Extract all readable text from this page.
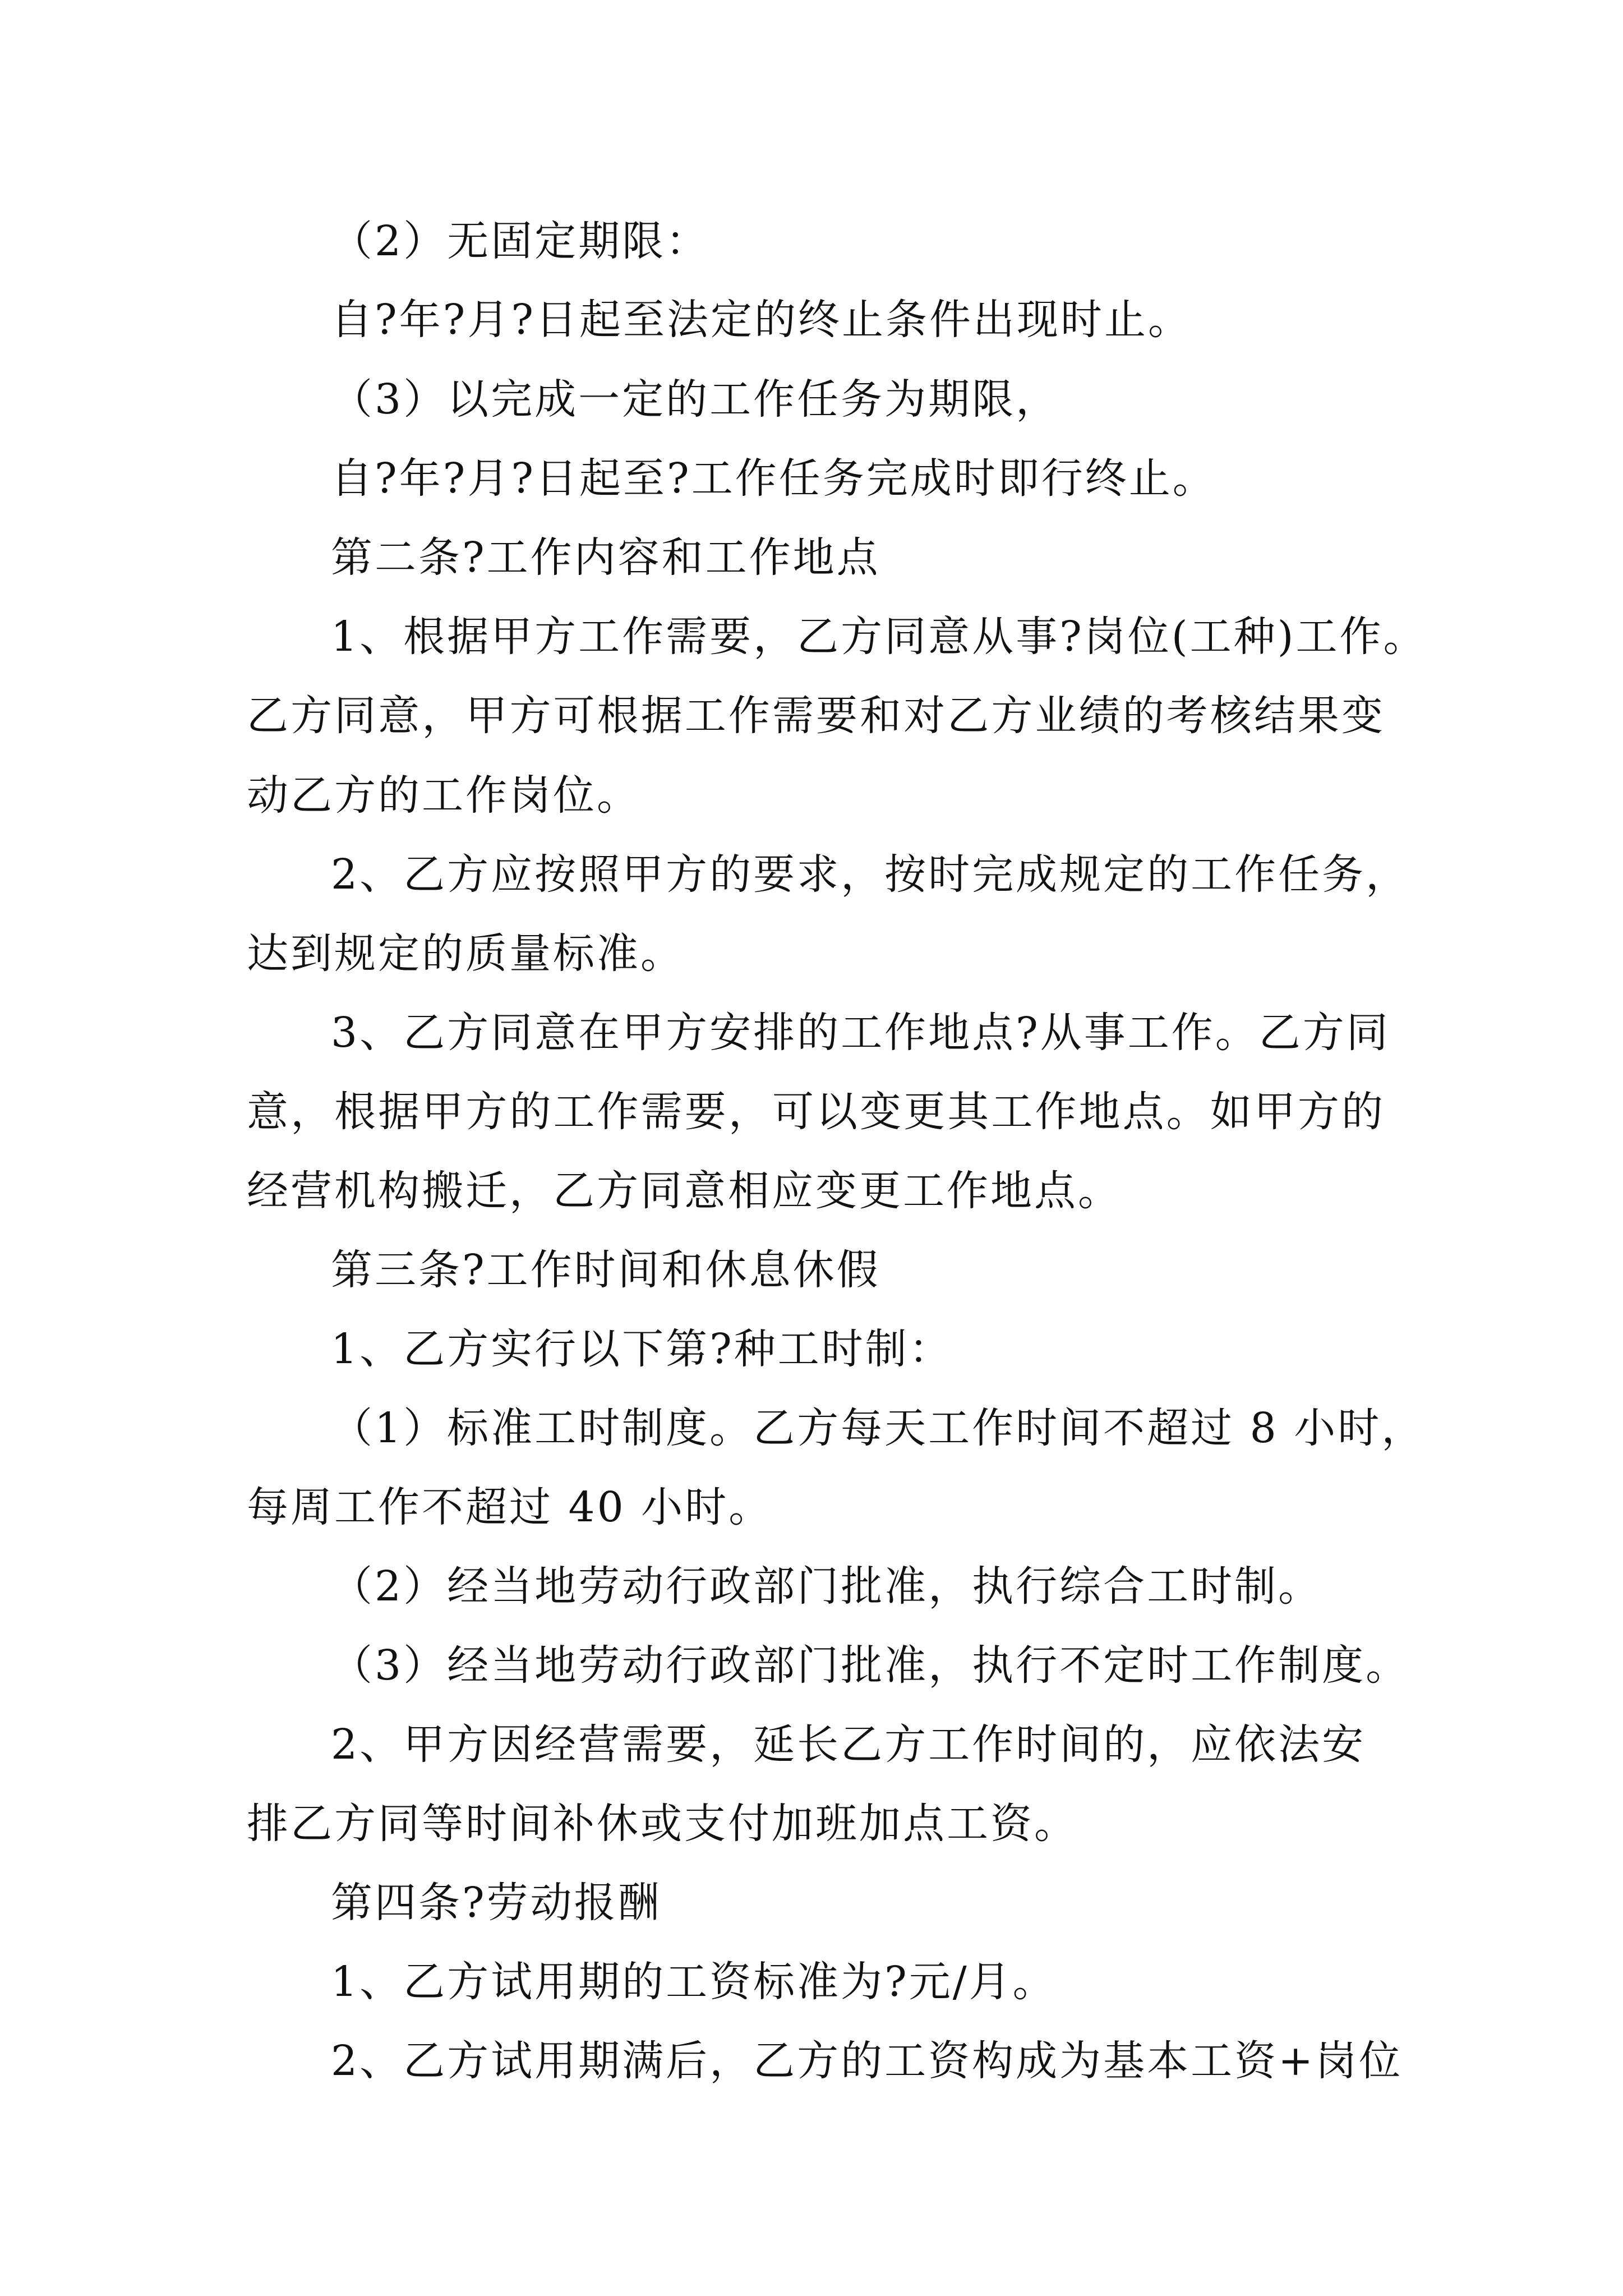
（2）无固定期限：

自?年?月?日起至法定的终止条件出现时止。

（3）以完成一定的工作任务为期限，

自?年?月?日起至?工作任务完成时即行终止。

第二条?工作内容和工作地点

1、根据甲方工作需要，乙方同意从事?岗位(工种)工作。

乙方同意，甲方可根据工作需要和对乙方业绩的考核结果变

动乙方的工作岗位。

2、乙方应按照甲方的要求，按时完成规定的工作任务，

达到规定的质量标准。

3、乙方同意在甲方安排的工作地点?从事工作。乙方同

意，根据甲方的工作需要，可以变更其工作地点。如甲方的

经营机构搬迁，乙方同意相应变更工作地点。

第三条?工作时间和休息休假

1、乙方实行以下第?种工时制：

（1）标准工时制度。乙方每天工作时间不超过 8 小时，

每周工作不超过 40 小时。

（2）经当地劳动行政部门批准，执行综合工时制。

（3）经当地劳动行政部门批准，执行不定时工作制度。

2、甲方因经营需要，延长乙方工作时间的，应依法安

排乙方同等时间补休或支付加班加点工资。

第四条?劳动报酬

1、乙方试用期的工资标准为?元/月。

2、乙方试用期满后，乙方的工资构成为基本工资+岗位
